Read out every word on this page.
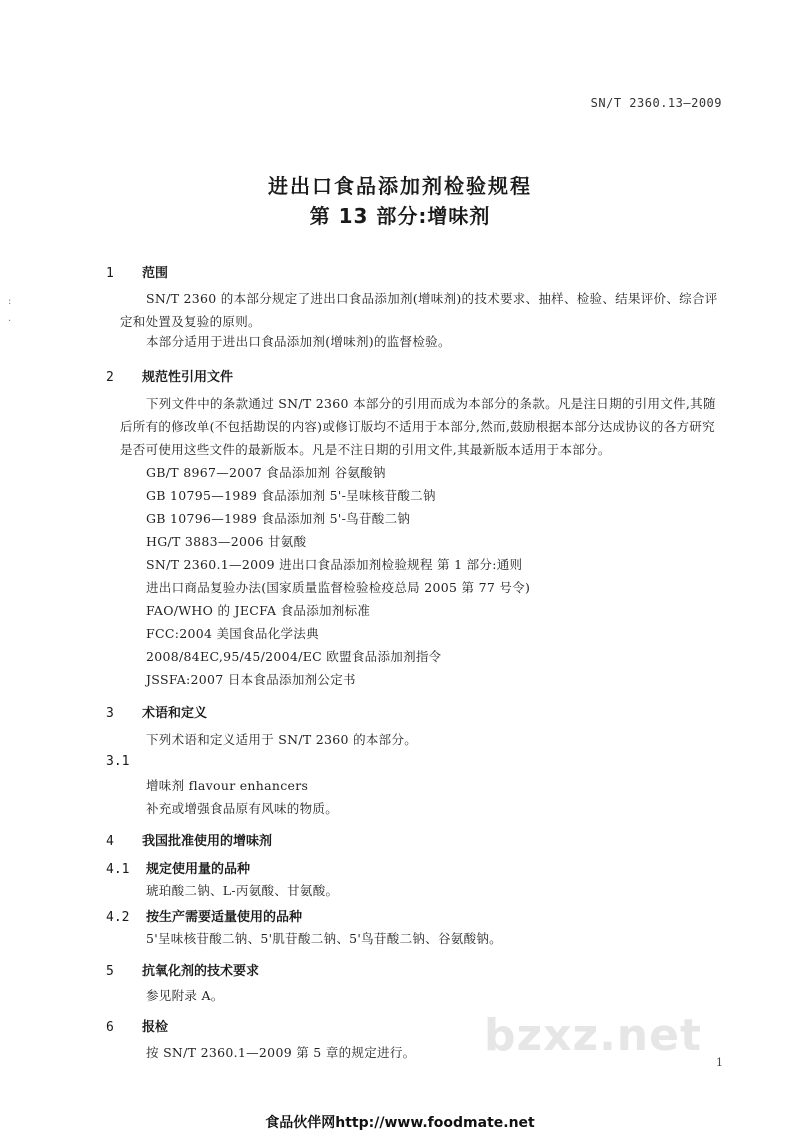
SN/T 2360.13—2009
进出口食品添加剂检验规程
第 13 部分:增味剂
:
·
1 范围
SN/T 2360 的本部分规定了进出口食品添加剂(增味剂)的技术要求、抽样、检验、结果评价、综合评定和处置及复验的原则。
本部分适用于进出口食品添加剂(增味剂)的监督检验。
2 规范性引用文件
下列文件中的条款通过 SN/T 2360 本部分的引用而成为本部分的条款。凡是注日期的引用文件,其随后所有的修改单(不包括勘误的内容)或修订版均不适用于本部分,然而,鼓励根据本部分达成协议的各方研究是否可使用这些文件的最新版本。凡是不注日期的引用文件,其最新版本适用于本部分。
GB/T 8967—2007 食品添加剂 谷氨酸钠
GB 10795—1989 食品添加剂 5'-呈味核苷酸二钠
GB 10796—1989 食品添加剂 5'-鸟苷酸二钠
HG/T 3883—2006 甘氨酸
SN/T 2360.1—2009 进出口食品添加剂检验规程 第 1 部分:通则
进出口商品复验办法(国家质量监督检验检疫总局 2005 第 77 号令)
FAO/WHO 的 JECFA 食品添加剂标准
FCC:2004 美国食品化学法典
2008/84EC,95/45/2004/EC 欧盟食品添加剂指令
JSSFA:2007 日本食品添加剂公定书
3 术语和定义
下列术语和定义适用于 SN/T 2360 的本部分。
3.1
增味剂 flavour enhancers
补充或增强食品原有风味的物质。
4 我国批准使用的增味剂
4.1 规定使用量的品种
琥珀酸二钠、L-丙氨酸、甘氨酸。
4.2 按生产需要适量使用的品种
5'呈味核苷酸二钠、5'肌苷酸二钠、5'鸟苷酸二钠、谷氨酸钠。
5 抗氧化剂的技术要求
参见附录 A。
6 报检
按 SN/T 2360.1—2009 第 5 章的规定进行。 bzxz.net
1
食品伙伴网http://www.foodmate.net
